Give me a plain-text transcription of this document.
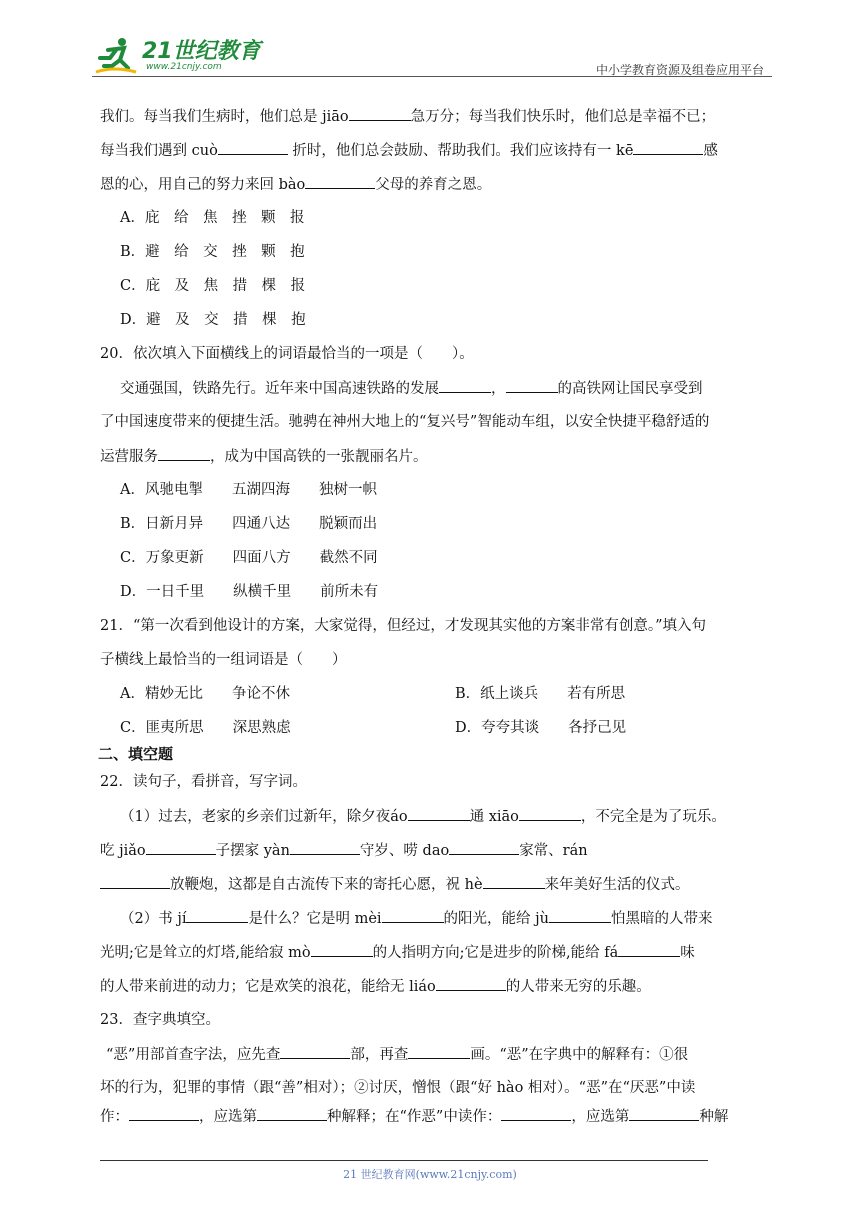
21世纪教育
www.21cnjy.com	中小学教育资源及组卷应用平台
我们。每当我们生病时，他们总是 jiāo	急万分；每当我们快乐时，他们总是幸福不已；
每当我们遇到 cuò	折时，他们总会鼓励、帮助我们。我们应该持有一 kē	感
恩的心，用自己的努力来回 bào	父母的养育之恩。
A．庇　给　焦　挫　颗　报
B．避　给　交　挫　颗　抱
C．庇　及　焦　措　棵　报
D．避　及　交　措　棵　抱
20．依次填入下面横线上的词语最恰当的一项是（　　）。
交通强国，铁路先行。近年来中国高速铁路的发展	，	的高铁网让国民享受到
了中国速度带来的便捷生活。驰骋在神州大地上的“复兴号”智能动车组，以安全快捷平稳舒适的
运营服务	，成为中国高铁的一张靓丽名片。
A．风驰电掣　　五湖四海　　独树一帜
B．日新月异　　四通八达　　脱颖而出
C．万象更新　　四面八方　　截然不同
D．一日千里　　纵横千里　　前所未有
21．“第一次看到他设计的方案，大家觉得，但经过，才发现其实他的方案非常有创意。”填入句
子横线上最恰当的一组词语是（　　）
A．精妙无比　　争论不休	B．纸上谈兵　　若有所思
C．匪夷所思　　深思熟虑	D．夸夸其谈　　各抒己见
二、填空题
22．读句子，看拼音，写字词。
（1）过去，老家的乡亲们过新年，除夕夜áo	通 xiāo	，不完全是为了玩乐。
吃 jiǎo	子摆家 yàn	守岁、唠 dao	家常、rán
放鞭炮，这都是自古流传下来的寄托心愿，祝 hè	来年美好生活的仪式。
（2）书 jí	是什么？它是明 mèi	的阳光，能给 jù	怕黑暗的人带来
光明;它是耸立的灯塔,能给寂 mò	的人指明方向;它是进步的阶梯,能给 fá	味
的人带来前进的动力；它是欢笑的浪花，能给无 liáo	的人带来无穷的乐趣。
23．查字典填空。
“恶”用部首查字法，应先查	部，再查	画。“恶”在字典中的解释有：①很
坏的行为，犯罪的事情（跟“善”相对）；②讨厌，憎恨（跟“好 hào 相对）。“恶”在“厌恶”中读
作：	，应选第	种解释；在“作恶”中读作：	，应选第	种解
21 世纪教育网(www.21cnjy.com)
